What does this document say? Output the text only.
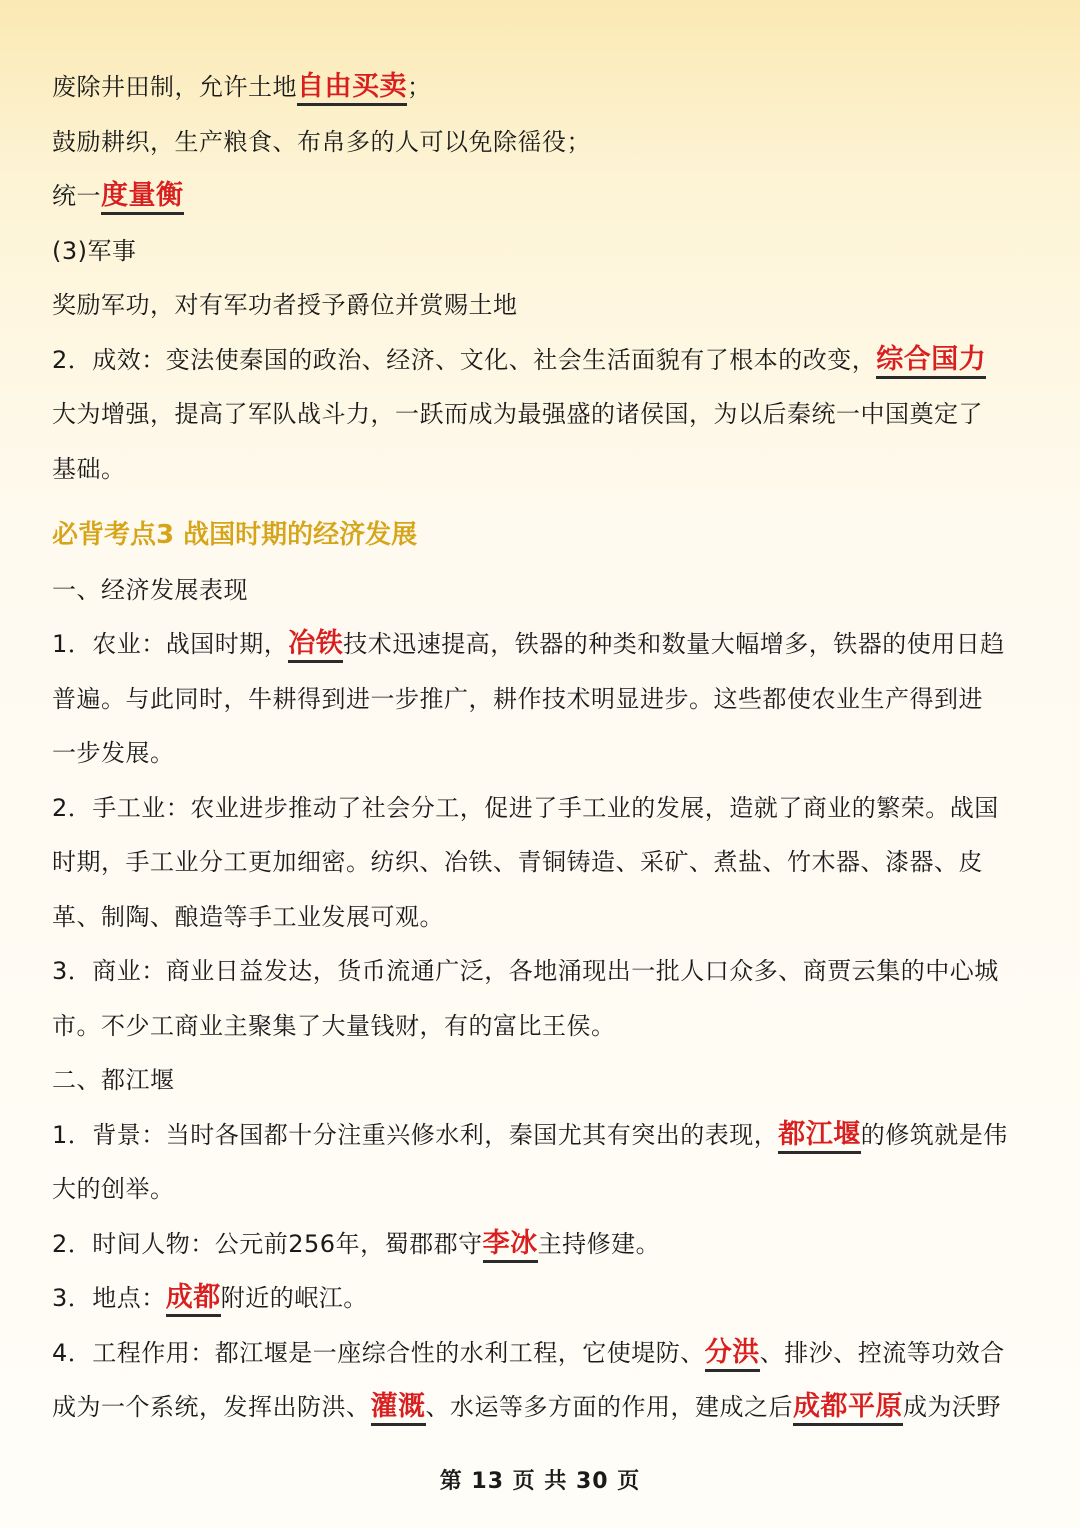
废除井田制，允许土地自由买卖；
鼓励耕织，生产粮食、布帛多的人可以免除徭役；
统一度量衡
(3)军事
奖励军功，对有军功者授予爵位并赏赐土地
2．成效：变法使秦国的政治、经济、文化、社会生活面貌有了根本的改变，综合国力
大为增强，提高了军队战斗力，一跃而成为最强盛的诸侯国，为以后秦统一中国奠定了
基础。
必背考点3 战国时期的经济发展
一、经济发展表现
1．农业：战国时期，冶铁技术迅速提高，铁器的种类和数量大幅增多，铁器的使用日趋
普遍。与此同时，牛耕得到进一步推广，耕作技术明显进步。这些都使农业生产得到进
一步发展。
2．手工业：农业进步推动了社会分工，促进了手工业的发展，造就了商业的繁荣。战国
时期，手工业分工更加细密。纺织、冶铁、青铜铸造、采矿、煮盐、竹木器、漆器、皮
革、制陶、酿造等手工业发展可观。
3．商业：商业日益发达，货币流通广泛，各地涌现出一批人口众多、商贾云集的中心城
市。不少工商业主聚集了大量钱财，有的富比王侯。
二、都江堰
1．背景：当时各国都十分注重兴修水利，秦国尤其有突出的表现，都江堰的修筑就是伟
大的创举。
2．时间人物：公元前256年，蜀郡郡守李冰主持修建。
3．地点：成都附近的岷江。
4．工程作用：都江堰是一座综合性的水利工程，它使堤防、分洪、排沙、控流等功效合
成为一个系统，发挥出防洪、灌溉、水运等多方面的作用，建成之后成都平原成为沃野
第 13 页 共 30 页
